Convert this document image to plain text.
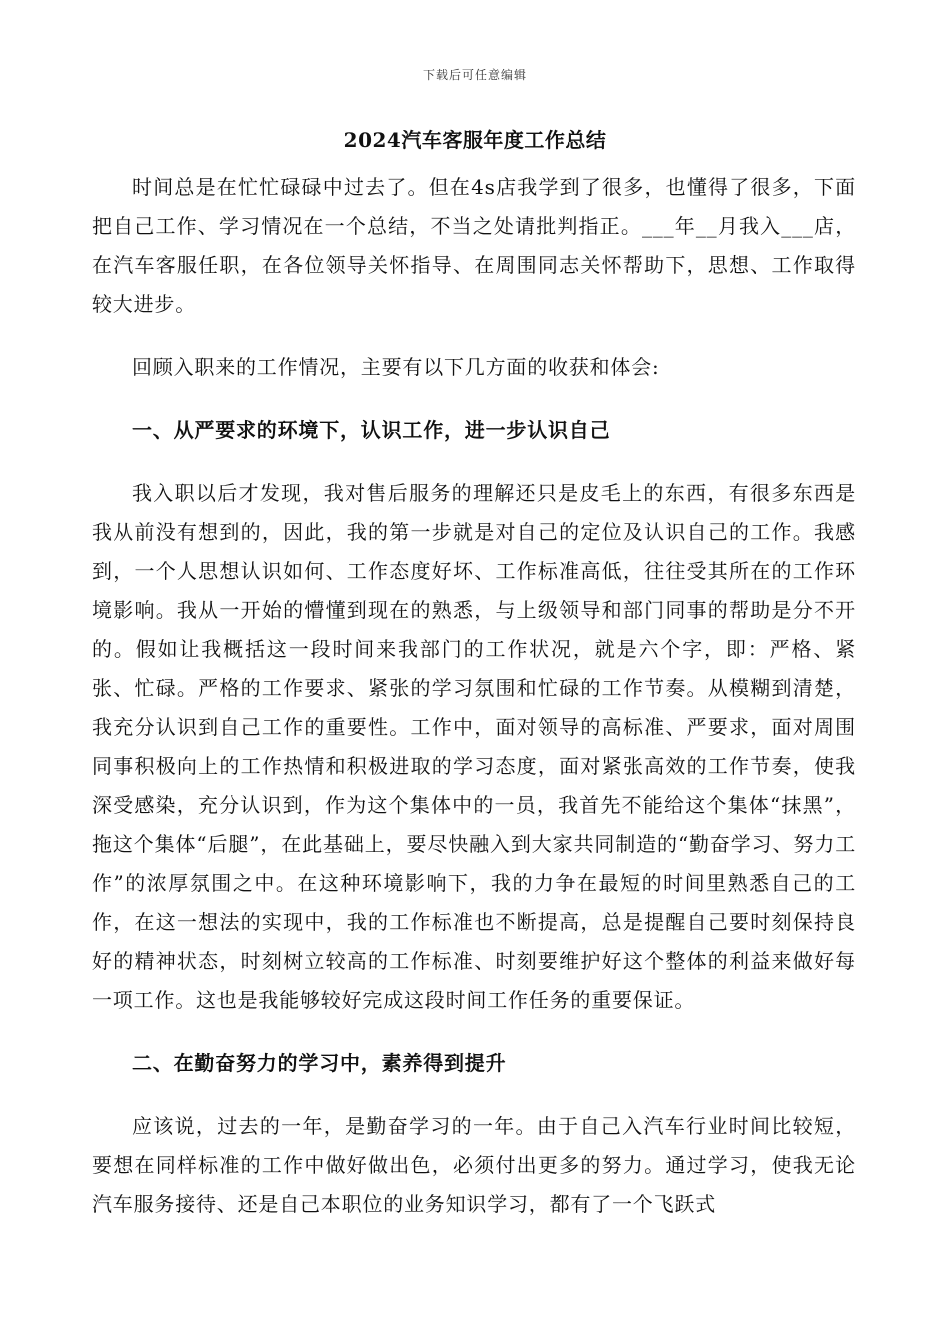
下载后可任意编辑
2024汽车客服年度工作总结

时间总是在忙忙碌碌中过去了。但在4s店我学到了很多，也懂得了很多，下面把自己工作、学习情况在一个总结，不当之处请批判指正。___年__月我入___店，在汽车客服任职，在各位领导关怀指导、在周围同志关怀帮助下，思想、工作取得较大进步。

回顾入职来的工作情况，主要有以下几方面的收获和体会:

一、从严要求的环境下，认识工作，进一步认识自己

我入职以后才发现，我对售后服务的理解还只是皮毛上的东西，有很多东西是我从前没有想到的，因此，我的第一步就是对自己的定位及认识自己的工作。我感到，一个人思想认识如何、工作态度好坏、工作标准高低，往往受其所在的工作环境影响。我从一开始的懵懂到现在的熟悉，与上级领导和部门同事的帮助是分不开的。假如让我概括这一段时间来我部门的工作状况，就是六个字，即：严格、紧张、忙碌。严格的工作要求、紧张的学习氛围和忙碌的工作节奏。从模糊到清楚，我充分认识到自己工作的重要性。工作中，面对领导的高标准、严要求，面对周围同事积极向上的工作热情和积极进取的学习态度，面对紧张高效的工作节奏，使我深受感染，充分认识到，作为这个集体中的一员，我首先不能给这个集体“抹黑”，拖这个集体“后腿”，在此基础上，要尽快融入到大家共同制造的“勤奋学习、努力工作”的浓厚氛围之中。在这种环境影响下，我的力争在最短的时间里熟悉自己的工作，在这一想法的实现中，我的工作标准也不断提高，总是提醒自己要时刻保持良好的精神状态，时刻树立较高的工作标准、时刻要维护好这个整体的利益来做好每一项工作。这也是我能够较好完成这段时间工作任务的重要保证。

二、在勤奋努力的学习中，素养得到提升

应该说，过去的一年，是勤奋学习的一年。由于自己入汽车行业时间比较短，要想在同样标准的工作中做好做出色，必须付出更多的努力。通过学习，使我无论汽车服务接待、还是自己本职位的业务知识学习，都有了一个飞跃式
